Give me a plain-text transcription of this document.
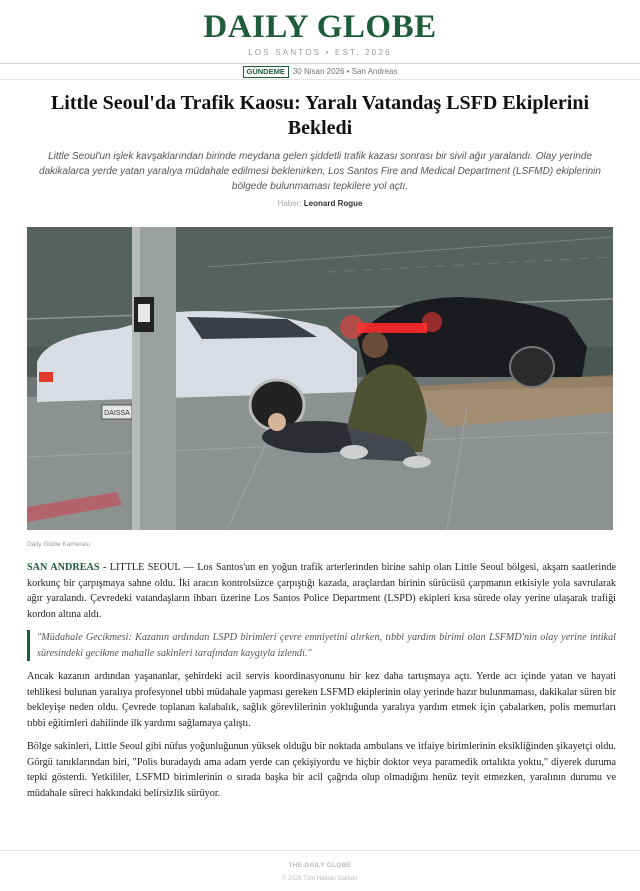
DAILY GLOBE
LOS SANTOS • EST. 2026
GÜNDEME	30 Nisan 2026 • San Andreas
Little Seoul'da Trafik Kaosu: Yaralı Vatandaş LSFD Ekiplerini Bekledi

Little Seoul'un işlek kavşaklarından birinde meydana gelen şiddetli trafik kazası sonrası bir sivil ağır yaralandı. Olay yerinde dakikalarca yerde yatan yaralıya müdahale edilmesi beklenirken, Los Santos Fire and Medical Department (LSFMD) ekiplerinin bölgede bulunmaması tepkilere yol açtı.

Haber: Leonard Rogue
DAISSA
Daily Globe Kamerası

SAN ANDREAS - LITTLE SEOUL — Los Santos'un en yoğun trafik arterlerinden birine sahip olan Little Seoul bölgesi, akşam saatlerinde korkunç bir çarpışmaya sahne oldu. İki aracın kontrolsüzce çarpıştığı kazada, araçlardan birinin sürücüsü çarpmanın etkisiyle yola savrularak ağır yaralandı. Çevredeki vatandaşların ihbarı üzerine Los Santos Police Department (LSPD) ekipleri kısa sürede olay yerine ulaşarak trafiği kordon altına aldı.

"Müdahale Gecikmesi: Kazanın ardından LSPD birimleri çevre emniyetini alırken, tıbbi yardım birimi olan LSFMD'nin olay yerine intikal süresindeki gecikme mahalle sakinleri tarafından kaygıyla izlendi."

Ancak kazanın ardından yaşananlar, şehirdeki acil servis koordinasyonunu bir kez daha tartışmaya açtı. Yerde acı içinde yatan ve hayati tehlikesi bulunan yaralıya profesyonel tıbbi müdahale yapması gereken LSFMD ekiplerinin olay yerinde hazır bulunmaması, dakikalar süren bir bekleyişe neden oldu. Çevrede toplanan kalabalık, sağlık görevlilerinin yokluğunda yaralıya yardım etmek için çabalarken, polis memurları tıbbi eğitimleri dahilinde ilk yardımı sağlamaya çalıştı.

Bölge sakinleri, Little Seoul gibi nüfus yoğunluğunun yüksek olduğu bir noktada ambulans ve itfaiye birimlerinin eksikliğinden şikayetçi oldu. Görgü tanıklarından biri, "Polis buradaydı ama adam yerde can çekişiyordu ve hiçbir doktor veya paramedik ortalıkta yoktu," diyerek duruma tepki gösterdi. Yetkililer, LSFMD birimlerinin o sırada başka bir acil çağrıda olup olmadığını henüz teyit etmezken, yaralının durumu ve müdahale süreci hakkındaki belirsizlik sürüyor.

THE DAILY GLOBE
© 2026 Tüm Hakları Saklıdır
